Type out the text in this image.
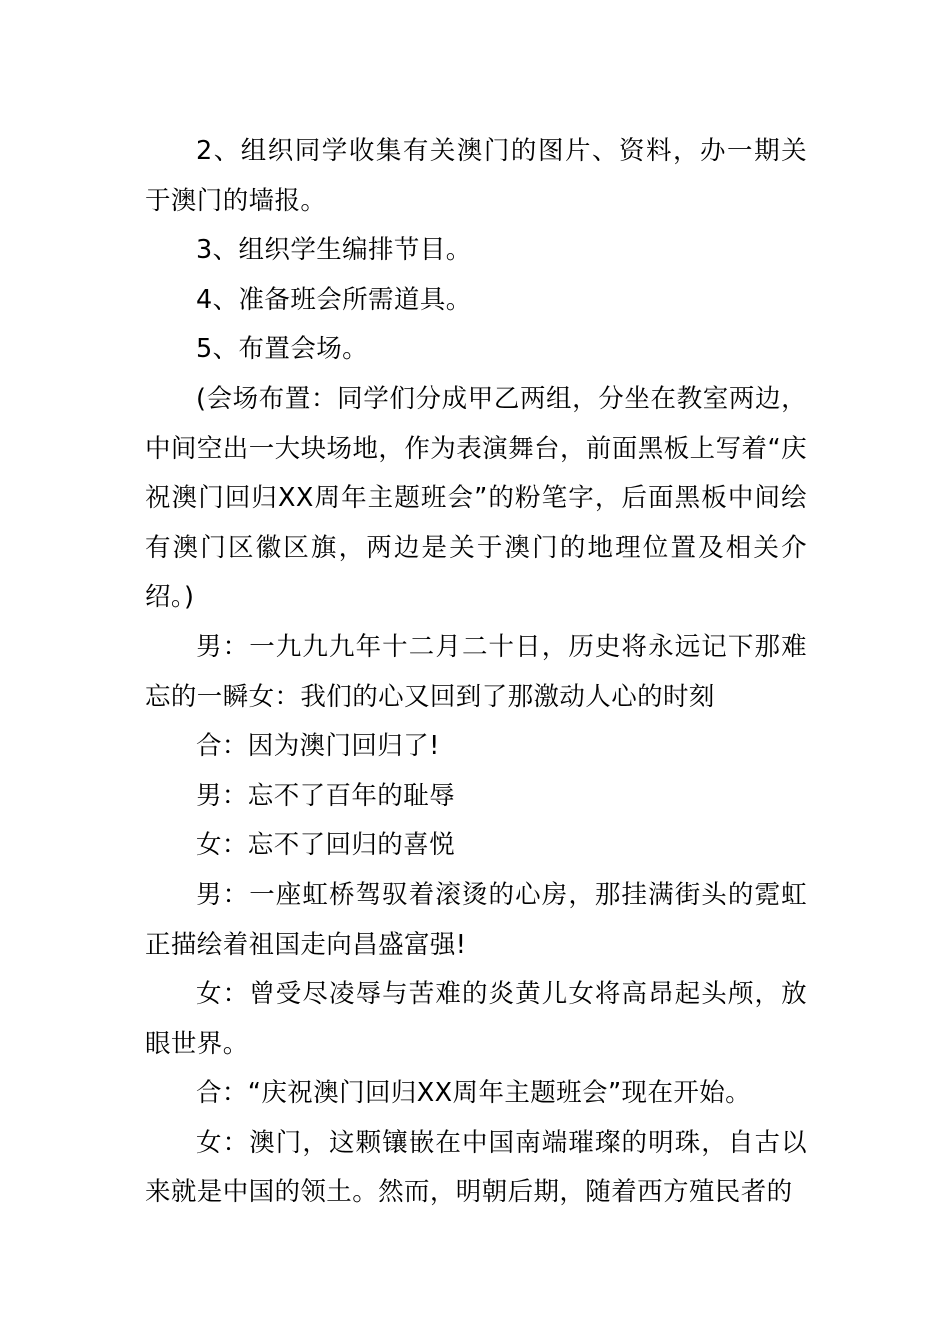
2、组织同学收集有关澳门的图片、资料，办一期关于澳门的墙报。

3、组织学生编排节目。

4、准备班会所需道具。

5、布置会场。

(会场布置：同学们分成甲乙两组，分坐在教室两边，中间空出一大块场地，作为表演舞台，前面黑板上写着“庆祝澳门回归XX周年主题班会”的粉笔字，后面黑板中间绘有澳门区徽区旗，两边是关于澳门的地理位置及相关介绍。)

男：一九九九年十二月二十日，历史将永远记下那难忘的一瞬女：我们的心又回到了那激动人心的时刻

合：因为澳门回归了!

男：忘不了百年的耻辱

女：忘不了回归的喜悦

男：一座虹桥驾驭着滚烫的心房，那挂满街头的霓虹正描绘着祖国走向昌盛富强!

女：曾受尽凌辱与苦难的炎黄儿女将高昂起头颅，放眼世界。

合：“庆祝澳门回归XX周年主题班会”现在开始。

女：澳门，这颗镶嵌在中国南端璀璨的明珠，自古以来就是中国的领土。然而，明朝后期，随着西方殖民者的
